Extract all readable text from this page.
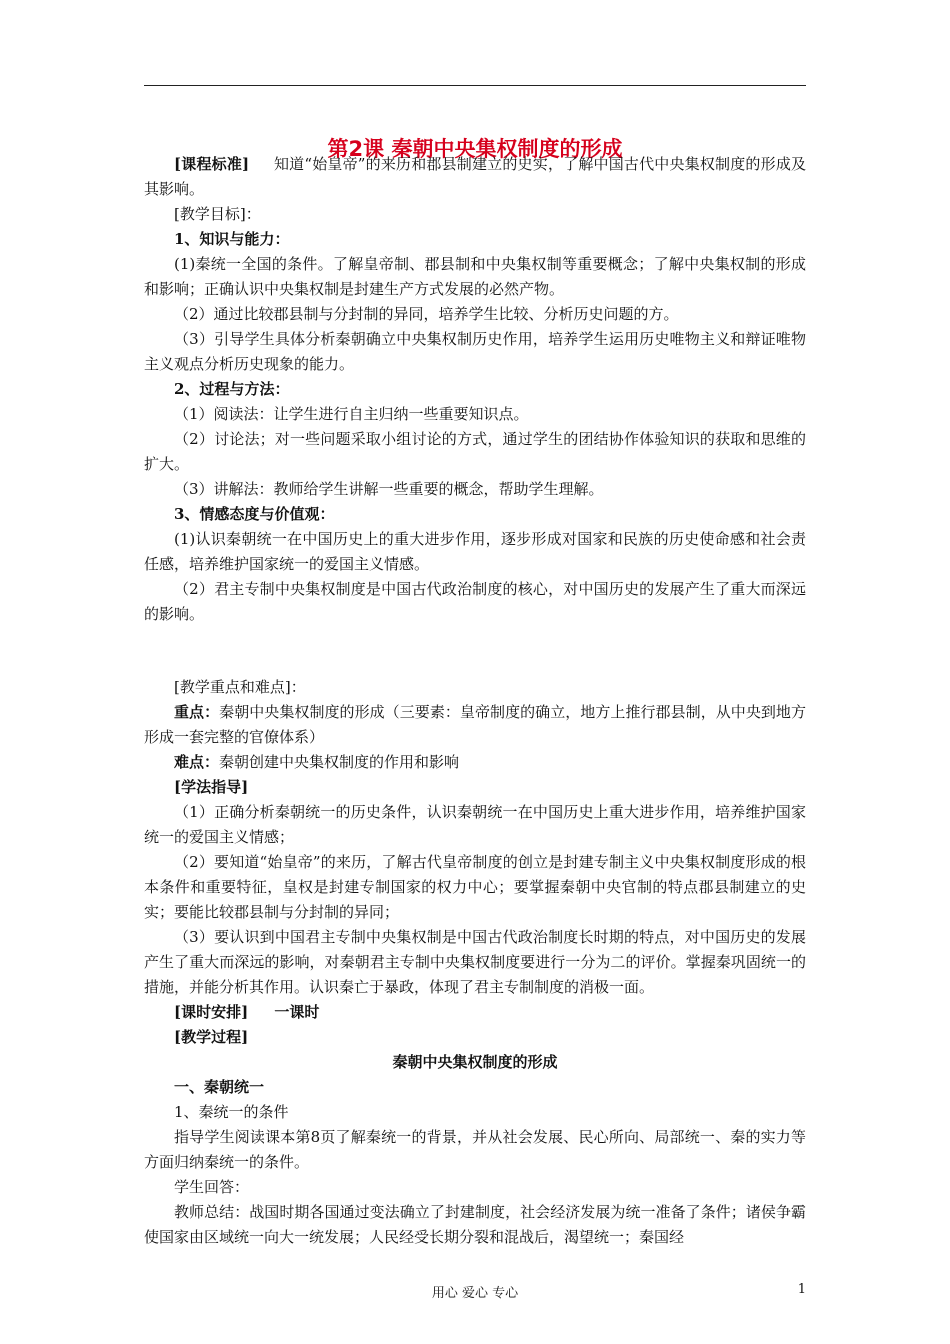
第2课 秦朝中央集权制度的形成

[课程标准] 知道“始皇帝”的来历和郡县制建立的史实，了解中国古代中央集权制度的形成及其影响。

[教学目标]：

1、知识与能力：

(1)秦统一全国的条件。了解皇帝制、郡县制和中央集权制等重要概念；了解中央集权制的形成和影响；正确认识中央集权制是封建生产方式发展的必然产物。

（2）通过比较郡县制与分封制的异同，培养学生比较、分析历史问题的方。

（3）引导学生具体分析秦朝确立中央集权制历史作用，培养学生运用历史唯物主义和辩证唯物主义观点分析历史现象的能力。

2、过程与方法：

（1）阅读法：让学生进行自主归纳一些重要知识点。

（2）讨论法；对一些问题采取小组讨论的方式，通过学生的团结协作体验知识的获取和思维的扩大。

（3）讲解法：教师给学生讲解一些重要的概念，帮助学生理解。

3、情感态度与价值观：

(1)认识秦朝统一在中国历史上的重大进步作用，逐步形成对国家和民族的历史使命感和社会责任感，培养维护国家统一的爱国主义情感。

（2）君主专制中央集权制度是中国古代政治制度的核心，对中国历史的发展产生了重大而深远的影响。

[教学重点和难点]：

重点：秦朝中央集权制度的形成（三要素：皇帝制度的确立，地方上推行郡县制，从中央到地方形成一套完整的官僚体系）

难点：秦朝创建中央集权制度的作用和影响

[学法指导]

（1）正确分析秦朝统一的历史条件，认识秦朝统一在中国历史上重大进步作用，培养维护国家统一的爱国主义情感；

（2）要知道“始皇帝”的来历，了解古代皇帝制度的创立是封建专制主义中央集权制度形成的根本条件和重要特征，皇权是封建专制国家的权力中心；要掌握秦朝中央官制的特点郡县制建立的史实；要能比较郡县制与分封制的异同；

（3）要认识到中国君主专制中央集权制是中国古代政治制度长时期的特点，对中国历史的发展产生了重大而深远的影响，对秦朝君主专制中央集权制度要进行一分为二的评价。掌握秦巩固统一的措施，并能分析其作用。认识秦亡于暴政，体现了君主专制制度的消极一面。

[课时安排] 一课时

[教学过程]

秦朝中央集权制度的形成

一、秦朝统一

1、秦统一的条件

指导学生阅读课本第8页了解秦统一的背景，并从社会发展、民心所向、局部统一、秦的实力等方面归纳秦统一的条件。

学生回答：

教师总结：战国时期各国通过变法确立了封建制度，社会经济发展为统一准备了条件；诸侯争霸使国家由区域统一向大一统发展；人民经受长期分裂和混战后，渴望统一；秦国经

用心 爱心 专心	1
